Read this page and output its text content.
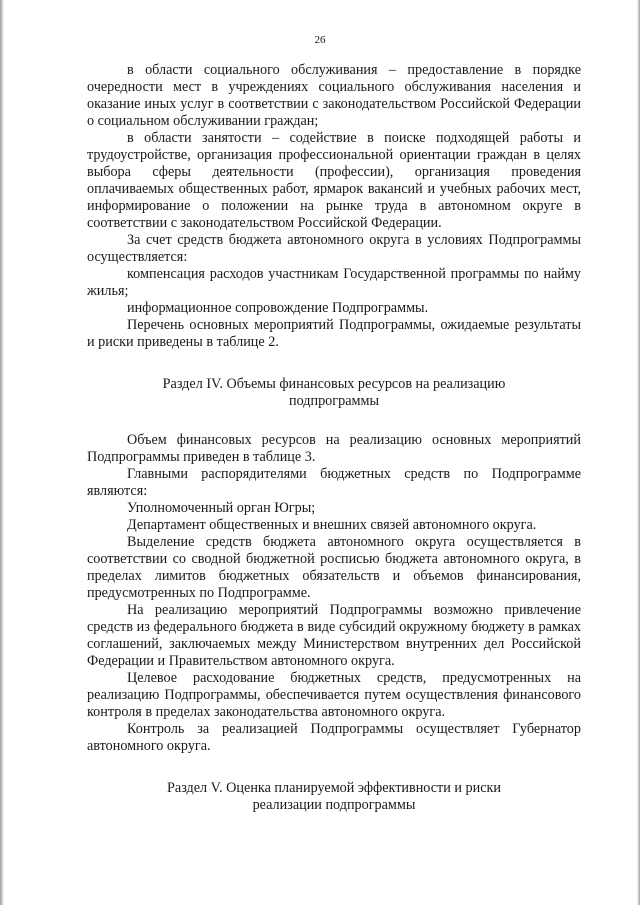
26

в области социального обслуживания – предоставление в порядке очередности мест в учреждениях социального обслуживания населения и оказание иных услуг в соответствии с законодательством Российской Федерации о социальном обслуживании граждан;

в области занятости – содействие в поиске подходящей работы и трудоустройстве, организация профессиональной ориентации граждан в целях выбора сферы деятельности (профессии), организация проведения оплачиваемых общественных работ, ярмарок вакансий и учебных рабочих мест, информирование о положении на рынке труда в автономном округе в соответствии с законодательством Российской Федерации.

За счет средств бюджета автономного округа в условиях Подпрограммы осуществляется:

компенсация расходов участникам Государственной программы по найму жилья;

информационное сопровождение Подпрограммы.

Перечень основных мероприятий Подпрограммы, ожидаемые результаты и риски приведены в таблице 2.

Раздел IV. Объемы финансовых ресурсов на реализацию

подпрограммы

Объем финансовых ресурсов на реализацию основных мероприятий Подпрограммы приведен в таблице 3.

Главными распорядителями бюджетных средств по Подпрограмме являются:

Уполномоченный орган Югры;

Департамент общественных и внешних связей автономного округа.

Выделение средств бюджета автономного округа осуществляется в соответствии со сводной бюджетной росписью бюджета автономного округа, в пределах лимитов бюджетных обязательств и объемов финансирования, предусмотренных по Подпрограмме.

На реализацию мероприятий Подпрограммы возможно привлечение средств из федерального бюджета в виде субсидий окружному бюджету в рамках соглашений, заключаемых между Министерством внутренних дел Российской Федерации и Правительством автономного округа.

Целевое расходование бюджетных средств, предусмотренных на реализацию Подпрограммы, обеспечивается путем осуществления финансового контроля в пределах законодательства автономного округа.

Контроль за реализацией Подпрограммы осуществляет Губернатор автономного округа.

Раздел V. Оценка планируемой эффективности и риски

реализации подпрограммы
